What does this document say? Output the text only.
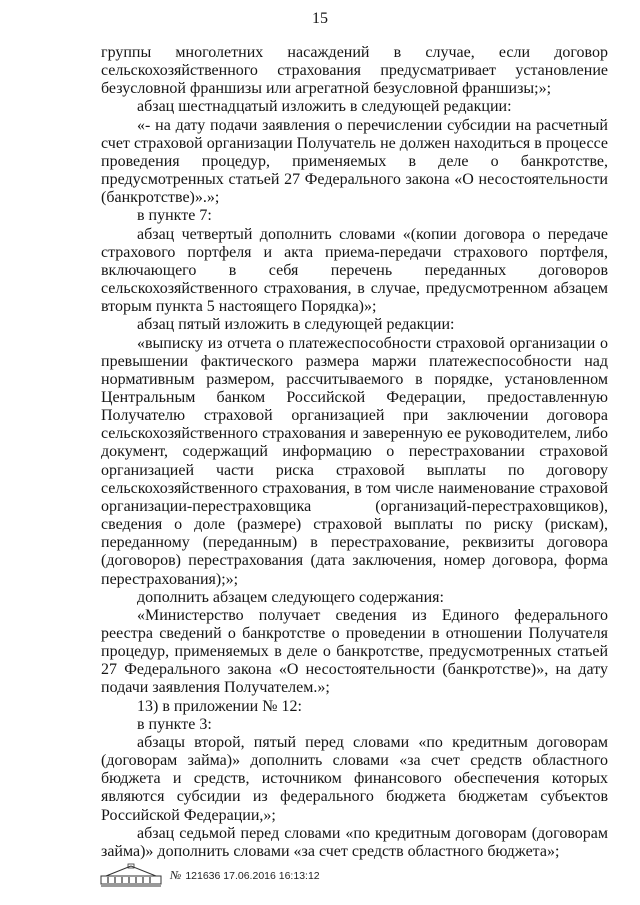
15

группы многолетних насаждений в случае, если договор сельскохозяйственного страхования предусматривает установление безусловной франшизы или агрегатной безусловной франшизы;»;

абзац шестнадцатый изложить в следующей редакции:

«- на дату подачи заявления о перечислении субсидии на расчетный счет страховой организации Получатель не должен находиться в процессе проведения процедур, применяемых в деле о банкротстве, предусмотренных статьей 27 Федерального закона «О несостоятельности (банкротстве)».»;

в пункте 7:

абзац четвертый дополнить словами «(копии договора о передаче страхового портфеля и акта приема-передачи страхового портфеля, включающего в себя перечень переданных договоров сельскохозяйственного страхования, в случае, предусмотренном абзацем вторым пункта 5 настоящего Порядка)»;

абзац пятый изложить в следующей редакции:

«выписку из отчета о платежеспособности страховой организации о превышении фактического размера маржи платежеспособности над нормативным размером, рассчитываемого в порядке, установленном Центральным банком Российской Федерации, предоставленную Получателю страховой организацией при заключении договора сельскохозяйственного страхования и заверенную ее руководителем, либо документ, содержащий информацию о перестраховании страховой организацией части риска страховой выплаты по договору сельскохозяйственного страхования, в том числе наименование страховой организации-перестраховщика (организаций-перестраховщиков), сведения о доле (размере) страховой выплаты по риску (рискам), переданному (переданным) в перестрахование, реквизиты договора (договоров) перестрахования (дата заключения, номер договора, форма перестрахования);»;

дополнить абзацем следующего содержания:

«Министерство получает сведения из Единого федерального реестра сведений о банкротстве о проведении в отношении Получателя процедур, применяемых в деле о банкротстве, предусмотренных статьей 27 Федерального закона «О несостоятельности (банкротстве)», на дату подачи заявления Получателем.»;

13) в приложении № 12:

в пункте 3:

абзацы второй, пятый перед словами «по кредитным договорам (договорам займа)» дополнить словами «за счет средств областного бюджета и средств, источником финансового обеспечения которых являются субсидии из федерального бюджета бюджетам субъектов Российской Федерации,»;

абзац седьмой перед словами «по кредитным договорам (договорам займа)» дополнить словами «за счет средств областного бюджета»;

№ 121636 17.06.2016 16:13:12
